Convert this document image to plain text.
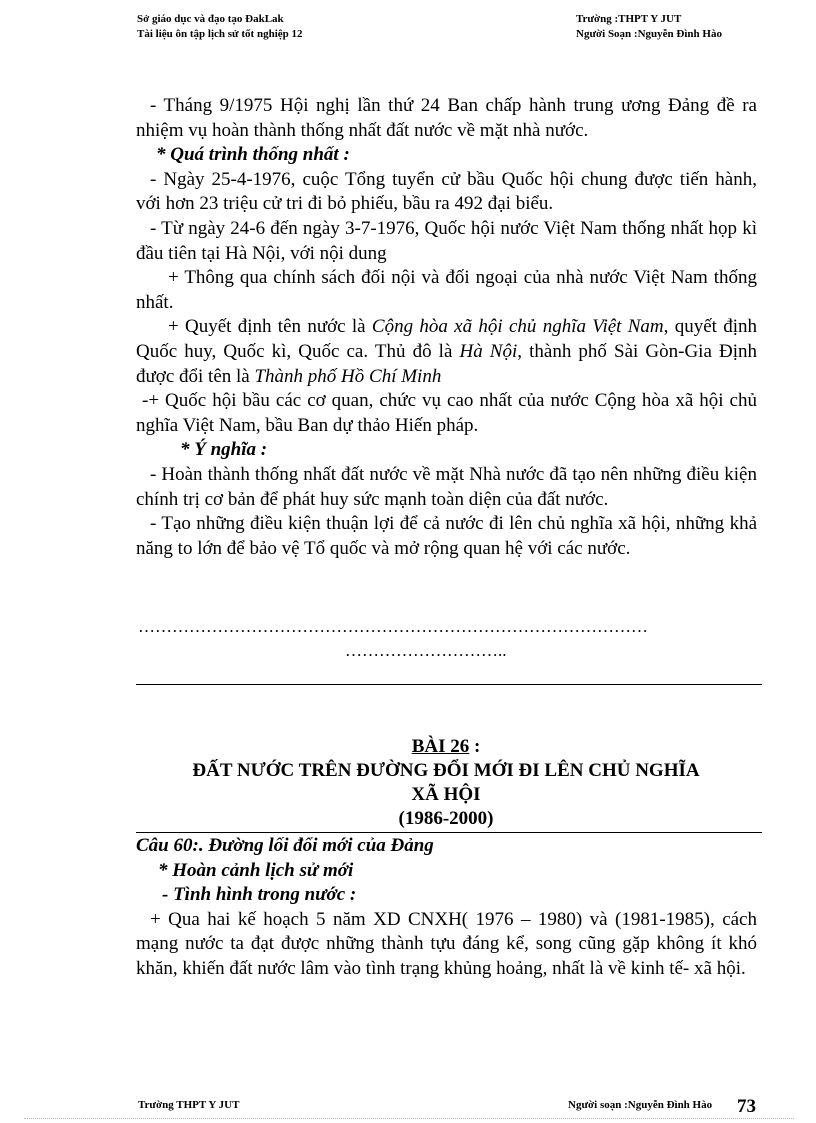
Sở giáo dục và đạo tạo ĐakLak
Tài liệu ôn tập lịch sử tốt nghiệp 12
Trường :THPT Y JUT
Người Soạn :Nguyễn Đình Hào

- Tháng 9/1975 Hội nghị lần thứ 24 Ban chấp hành trung ương Đảng đề ra nhiệm vụ hoàn thành thống nhất đất nước về mặt nhà nước.

* Quá trình thống nhất :

- Ngày 25-4-1976, cuộc Tổng tuyển cử bầu Quốc hội chung được tiến hành, với hơn 23 triệu cử tri đi bỏ phiếu, bầu ra 492 đại biểu.

- Từ ngày 24-6 đến ngày 3-7-1976, Quốc hội nước Việt Nam thống nhất họp kì đầu tiên tại Hà Nội, với nội dung

+ Thông qua chính sách đối nội và đối ngoại của nhà nước Việt Nam thống nhất.

+ Quyết định tên nước là Cộng hòa xã hội chủ nghĩa Việt Nam, quyết định Quốc huy, Quốc kì, Quốc ca. Thủ đô là Hà Nội, thành phố Sài Gòn-Gia Định được đổi tên là Thành phố Hồ Chí Minh

-+ Quốc hội bầu các cơ quan, chức vụ cao nhất của nước Cộng hòa xã hội chủ nghĩa Việt Nam, bầu Ban dự thảo Hiến pháp.

* Ý nghĩa :

- Hoàn thành thống nhất đất nước về mặt Nhà nước đã tạo nên những điều kiện chính trị cơ bản để phát huy sức mạnh toàn diện của đất nước.

- Tạo những điều kiện thuận lợi để cả nước đi lên chủ nghĩa xã hội, những khả năng to lớn để bảo vệ Tổ quốc và mở rộng quan hệ với các nước.

………………………………………………………………………………
………………………..
BÀI 26 :
ĐẤT NƯỚC TRÊN ĐƯỜNG ĐỔI MỚI ĐI LÊN CHỦ NGHĨA
XÃ HỘI
(1986-2000)

Câu 60:. Đường lối đổi mới của Đảng

* Hoàn cảnh lịch sử mới

- Tình hình trong nước :

+ Qua hai kế hoạch 5 năm XD CNXH( 1976 – 1980) và (1981-1985), cách mạng nước ta đạt được những thành tựu đáng kể, song cũng gặp không ít khó khăn, khiến đất nước lâm vào tình trạng khủng hoảng, nhất là về kinh tế- xã hội.

Trường THPT Y JUT	Người soạn :Nguyễn Đình Hào 73
